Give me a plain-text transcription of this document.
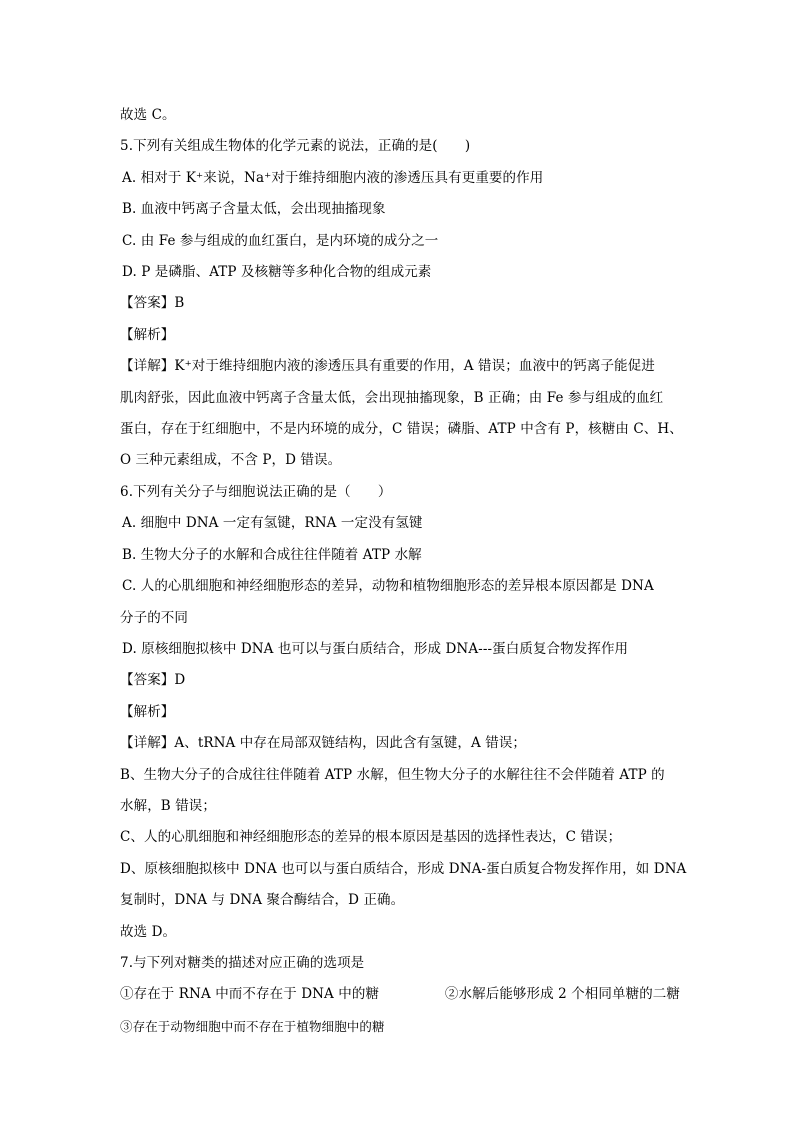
故选 C。
5.下列有关组成生物体的化学元素的说法，正确的是(　　)
A. 相对于 K⁺来说，Na⁺对于维持细胞内液的渗透压具有更重要的作用
B. 血液中钙离子含量太低，会出现抽搐现象
C. 由 Fe 参与组成的血红蛋白，是内环境的成分之一
D. P 是磷脂、ATP 及核糖等多种化合物的组成元素
【答案】B
【解析】
【详解】K⁺对于维持细胞内液的渗透压具有重要的作用，A 错误；血液中的钙离子能促进
肌肉舒张，因此血液中钙离子含量太低，会出现抽搐现象，B 正确；由 Fe 参与组成的血红
蛋白，存在于红细胞中，不是内环境的成分，C 错误；磷脂、ATP 中含有 P，核糖由 C、H、
O 三种元素组成，不含 P，D 错误。
6.下列有关分子与细胞说法正确的是（　　）
A. 细胞中 DNA 一定有氢键，RNA 一定没有氢键
B. 生物大分子的水解和合成往往伴随着 ATP 水解
C. 人的心肌细胞和神经细胞形态的差异，动物和植物细胞形态的差异根本原因都是 DNA
分子的不同
D. 原核细胞拟核中 DNA 也可以与蛋白质结合，形成 DNA---蛋白质复合物发挥作用
【答案】D
【解析】
【详解】A、tRNA 中存在局部双链结构，因此含有氢键，A 错误；
B、生物大分子的合成往往伴随着 ATP 水解，但生物大分子的水解往往不会伴随着 ATP 的
水解，B 错误；
C、人的心肌细胞和神经细胞形态的差异的根本原因是基因的选择性表达，C 错误；
D、原核细胞拟核中 DNA 也可以与蛋白质结合，形成 DNA-蛋白质复合物发挥作用，如 DNA
复制时，DNA 与 DNA 聚合酶结合，D 正确。
故选 D。
7.与下列对糖类的描述对应正确的选项是
①存在于 RNA 中而不存在于 DNA 中的糖	②水解后能够形成 2 个相同单糖的二糖
③存在于动物细胞中而不存在于植物细胞中的糖
